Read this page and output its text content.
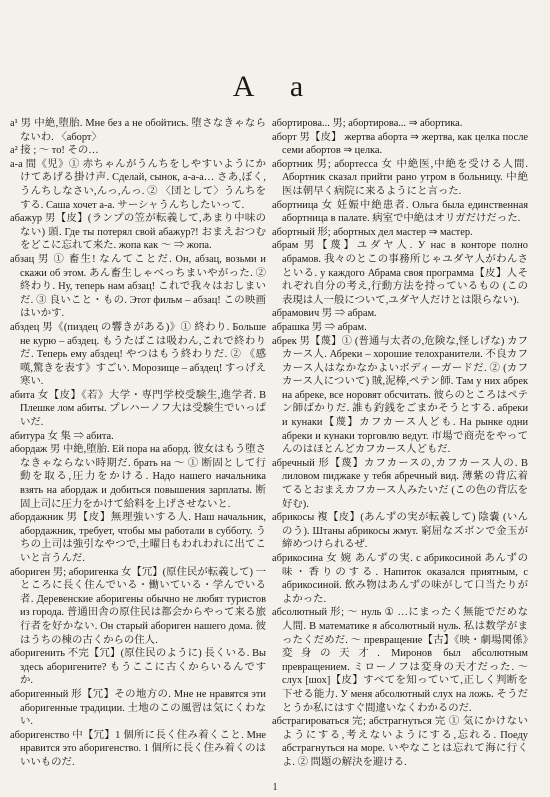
А а

а¹ 男 中絶,堕胎. Мне без а не обойтись. 堕さなきゃならないわ. 〈аборт〉

а² 接 ; ～ то! その…

а-а 間《児》① 赤ちゃんがうんちをしやすいようにかけてあげる掛け声. Сделай, сынок, а-а-а… さあ,ぼく,うんちしなさい,んっ,んっ. ② 〈団として〉うんちをする. Саша хочет а-а. サーシャうんちしたいって.

абажур 男【皮】(ランプの笠が転義して,あまり中味のない) 頭. Где ты потерял свой абажур?! おまえおつむをどこに忘れて来た. жопа как ～ ⇒ жопа.

абзац 男 ① 畜生! なんてことだ. Он, абзац, возьми и скажи об этом. あん畜生しゃべっちまいやがった. ② 終わり. Ну, теперь нам абзац! これで我々はおしまいだ. ③ 良いこと・もの. Этот фильм – абзац! この映画はいかす.

абздец 男《(пиздец の響きがある)》① 終わり. Больше не курю – абздец. もうたばこは吸わん,これで終わりだ. Теперь ему абздец! やつはもう終わりだ. ② 《感嘆,驚きを表す》すごい. Морозище – абздец! すっげえ寒い.

абита 女【皮】《若》大学・専門学校受験生,進学者. В Плешке лом абиты. プレハーノフ大は受験生でいっぱいだ.

абитура 女 集 ⇒ абита.

абордаж 男 中絶,堕胎. Ей пора на аборд. 彼女はもう堕さなきゃならない時期だ. брать на ～ ① 断固として行動を取る,圧力をかける. Надо нашего начальника взять на абордаж и добиться повышения зарплаты. 断固上司に圧力をかけて給料を上げさせないと.

абордажник 男【皮】無理強いする人. Наш начальник, абордажник, требует, чтобы мы работали в субботу. うちの上司は強引なやつで,土曜日もわれわれに出てこいと言うんだ.

абориген 男; аборигенка 女【冗】(原住民が転義して) 一ところに長く住んでいる・働いている・学んでいる者. Деревенские аборигены обычно не любят туристов из города. 普通田舎の原住民は都会からやって来る旅行者を好かない. Он старый абориген нашего дома. 彼はうちの棟の古くからの住人.

аборигенить 不完【冗】(原住民のように) 長くいる. Вы здесь аборигените? もうここに古くからいるんですか.

аборигенный 形【冗】その地方の. Мне не нравятся эти аборигенные традиции. 土地のこの風習は気にくわない.

аборигенство 中【冗】1 個所に長く住み着くこと. Мне нравится это аборигенство. 1 個所に長く住み着くのはいいものだ.

абортирова... 男; абортирова... ⇒ абортика.

аборт 男【皮】 жертва аборта ⇒ жертва, как целка после семи абортов ⇒ целка.

абортник 男; абортесса 女 中絶医,中絶を受ける人間. Абортник сказал прийти рано утром в больницу. 中絶医は朝早く病院に来るようにと言った.

абортница 女 妊娠中絶患者. Ольга была единственная абортница в палате. 病室で中絶はオリガだけだった.

абортный 形; абортных дел мастер ⇒ мастер.

абрам 男【蔑】ユダヤ人. У нас в конторе полно абрамов. 我々のとこの事務所じゃユダヤ人がわんさといる. у каждого Абрама своя программа【皮】人それぞれ自分の考え,行動方法を持っているもの (この表現は人一般について,ユダヤ人だけとは限らない).

абрамович 男 ⇒ абрам.

абрашка 男 ⇒ абрам.

абрек 男【蔑】① (普通与太者の,危険な,怪しげな) カフカース人. Абреки – хорошие телохранители. 不良カフカース人はなかなかよいボディーガードだ. ② (カフカース人について) 賊,泥棒,ペテン師. Там у них абрек на абреке, все норовят обсчитать. 彼らのところはペテン師ばかりだ. 誰も釣銭をごまかそうとする. абреки и кунаки【蔑】カフカース人ども. На рынке одни абреки и кунаки торговлю ведут. 市場で商売をやってんのはほとんどカフカース人どもだ.

абречный 形【蔑】カフカースの,カフカース人の. В лиловом пиджаке у тебя абречный вид. 薄紫の背広着てるとおまえカフカース人みたいだ (この色の背広を好む).

абрикосы 複【皮】(あんずの実が転義して) 陰嚢 (いんのう). Штаны абрикосы жмут. 窮屈なズボンで金玉が締めつけられるぜ.

абрикосина 女 婉 あんずの実. с абрикосиной あんずの味・香りのする. Напиток оказался приятным, с абрикосиной. 飲み物はあんずの味がして口当たりがよかった.

абсолютный 形; ～ нуль ① …にまったく無能でだめな人間. В математике я абсолютный нуль. 私は数学がまったくだめだ. ～ превращение【古】《映・劇場関係》変身の天才. Миронов был абсолютным превращением. ミローノフは変身の天才だった. ～ слух [шох]【皮】すべてを知っていて,正しく判断を下せる能力. У меня абсолютный слух на ложь. そうだとうか私にはすぐ間違いなくわかるのだ.

абстрагироваться 完; абстрагнуться 完 ① 気にかけないようにする,考えないようにする,忘れる. Поеду абстрагнуться на море. いやなことは忘れて海に行くよ. ② 問題の解決を避ける.

1
